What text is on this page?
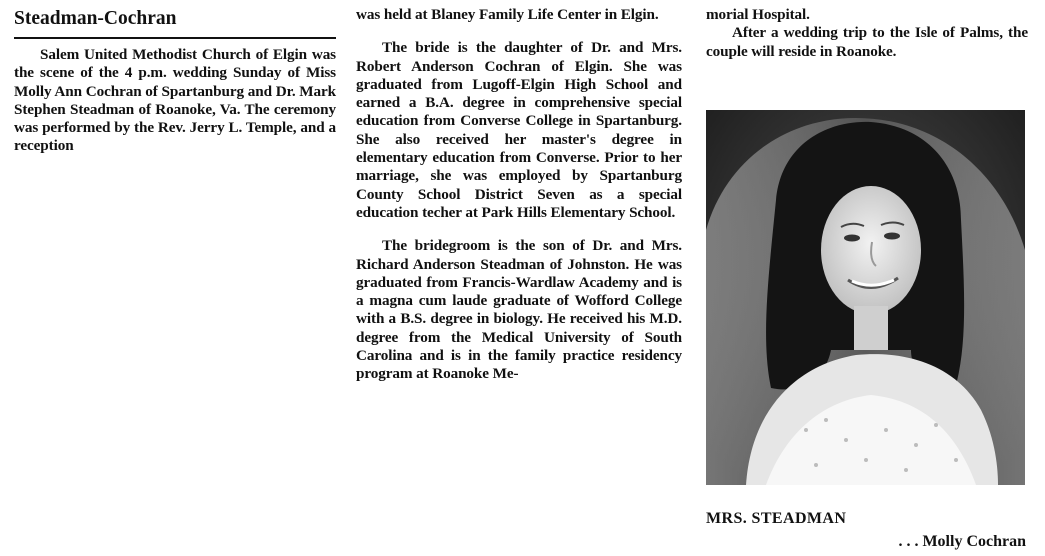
Steadman-Cochran

Salem United Methodist Church of Elgin was the scene of the 4 p.m. wedding Sunday of Miss Molly Ann Cochran of Spartanburg and Dr. Mark Stephen Steadman of Roanoke, Va. The ceremony was performed by the Rev. Jerry L. Temple, and a reception

was held at Blaney Family Life Center in Elgin.

The bride is the daughter of Dr. and Mrs. Robert Anderson Cochran of Elgin. She was graduated from Lugoff-Elgin High School and earned a B.A. degree in comprehensive special education from Converse College in Spartanburg. She also received her master's degree in elementary education from Converse. Prior to her marriage, she was employed by Spartanburg County School District Seven as a special education techer at Park Hills Elementary School.

The bridegroom is the son of Dr. and Mrs. Richard Anderson Steadman of Johnston. He was graduated from Francis-Wardlaw Academy and is a magna cum laude graduate of Wofford College with a B.S. degree in biology. He received his M.D. degree from the Medical University of South Carolina and is in the family practice residency program at Roanoke Me-

morial Hospital.

After a wedding trip to the Isle of Palms, the couple will reside in Roanoke.

MRS. STEADMAN
. . . Molly Cochran
